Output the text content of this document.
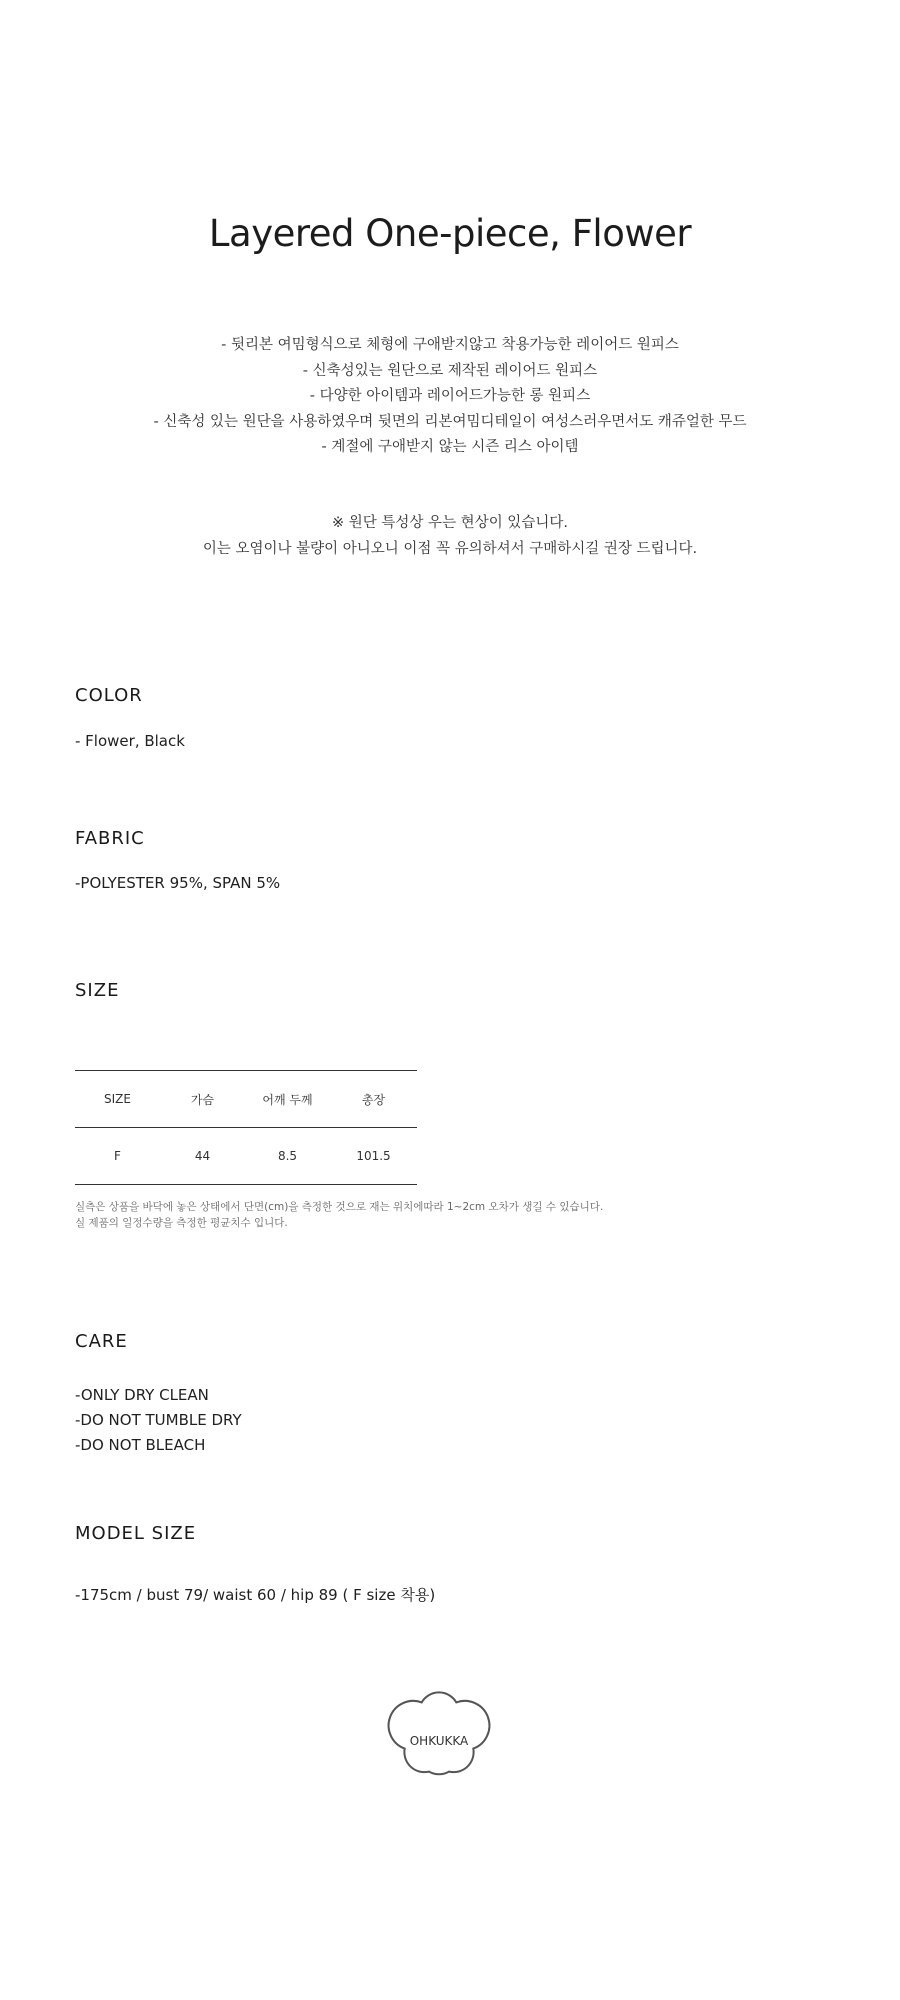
Layered One-piece, Flower
- 뒷리본 여밈형식으로 체형에 구애받지않고 착용가능한 레이어드 원피스
- 신축성있는 원단으로 제작된 레이어드 원피스
- 다양한 아이템과 레이어드가능한 롱 원피스
- 신축성 있는 원단을 사용하였우며 뒷면의 리본여밈디테일이 여성스러우면서도 캐쥬얼한 무드
- 계절에 구애받지 않는 시즌 리스 아이템
※ 원단 특성상 우는 현상이 있습니다.
이는 오염이나 불량이 아니오니 이점 꼭 유의하셔서 구매하시길 권장 드립니다.
COLOR
- Flower, Black
FABRIC
-POLYESTER 95%, SPAN 5%
SIZE
SIZE	가슴	어깨 두께	총장
F	44	8.5	101.5
실측은 상품을 바닥에 놓은 상태에서 단면(cm)을 측정한 것으로 재는 위치에따라 1~2cm 오차가 생길 수 있습니다.
실 제품의 일정수량을 측정한 평균치수 입니다.
CARE
-ONLY DRY CLEAN
-DO NOT TUMBLE DRY
-DO NOT BLEACH
MODEL SIZE
-175cm / bust 79/ waist 60 / hip 89 ( F size 착용)
OHKUKKA
